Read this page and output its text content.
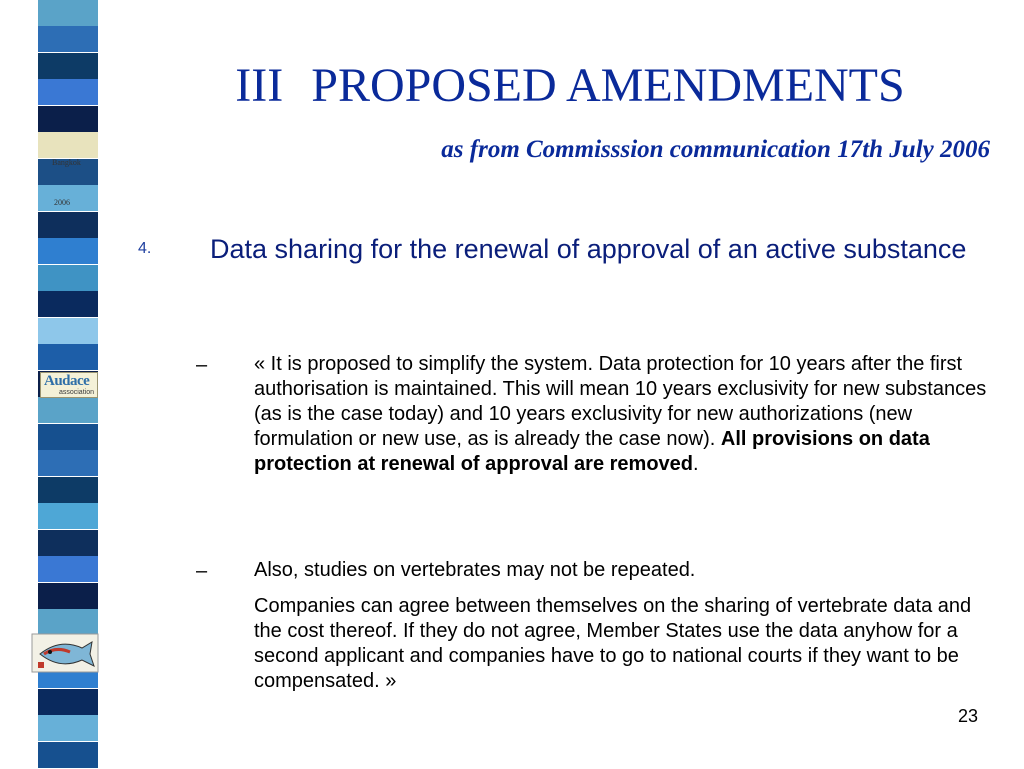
Bangkok
2006
Audace
association
III PROPOSED AMENDMENTS
as from Commisssion communication 17th July 2006
4. Data sharing for the renewal of approval of an active substance
– « It is proposed to simplify the system. Data protection for 10 years after the first authorisation is maintained. This will mean 10 years exclusivity for new substances (as is the case today) and 10 years exclusivity for new authorizations (new formulation or new use, as is already the case now). All provisions on data protection at renewal of approval are removed.
– Also, studies on vertebrates may not be repeated.
Companies can agree between themselves on the sharing of vertebrate data and the cost thereof. If they do not agree, Member States use the data anyhow for a second applicant and companies have to go to national courts if they want to be compensated. »
23
